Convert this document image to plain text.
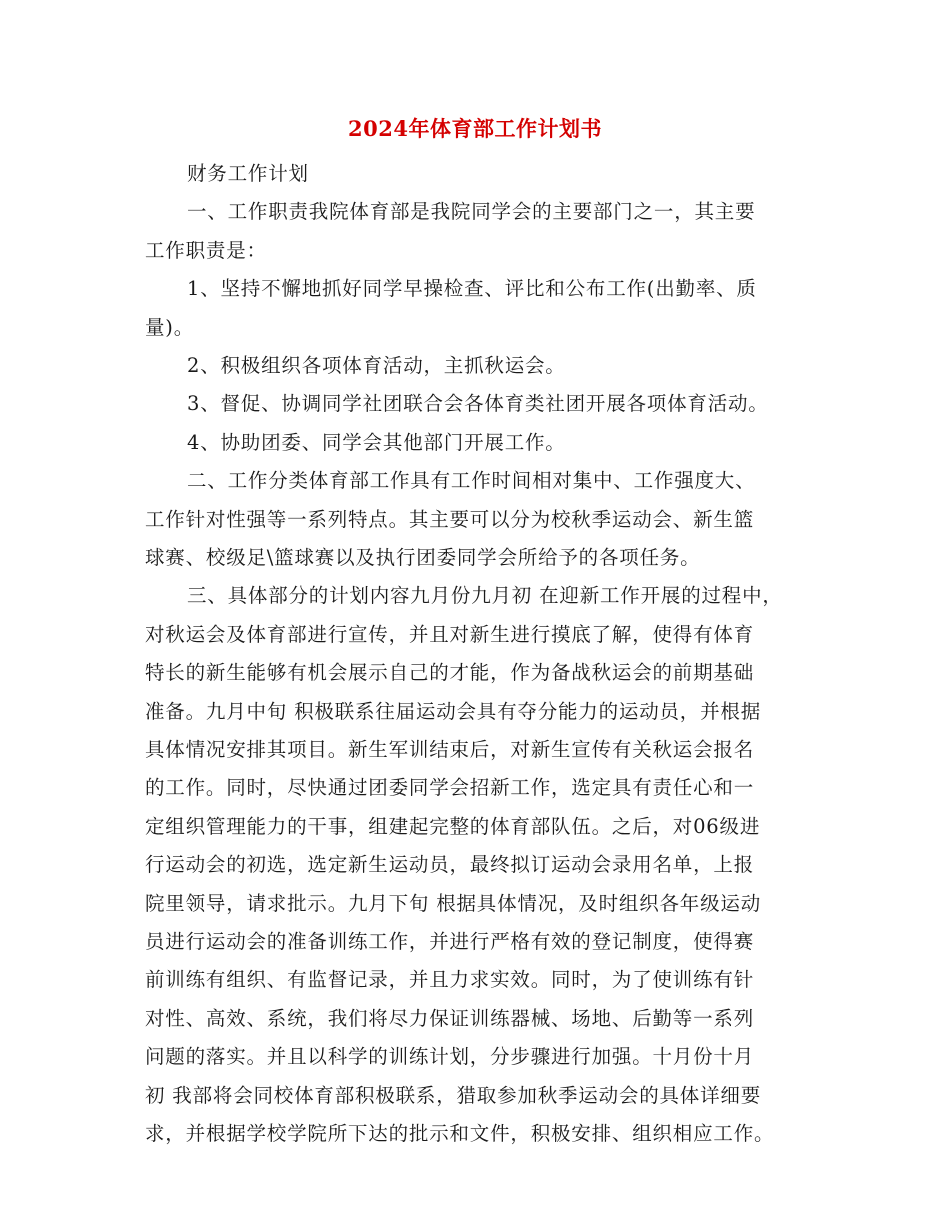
2024年体育部工作计划书
财务工作计划
一、工作职责我院体育部是我院同学会的主要部门之一，其主要
工作职责是：
1、坚持不懈地抓好同学早操检查、评比和公布工作(出勤率、质
量)。
2、积极组织各项体育活动，主抓秋运会。
3、督促、协调同学社团联合会各体育类社团开展各项体育活动。
4、协助团委、同学会其他部门开展工作。
二、工作分类体育部工作具有工作时间相对集中、工作强度大、
工作针对性强等一系列特点。其主要可以分为校秋季运动会、新生篮
球赛、校级足\篮球赛以及执行团委同学会所给予的各项任务。
三、具体部分的计划内容九月份九月初 在迎新工作开展的过程中，
对秋运会及体育部进行宣传，并且对新生进行摸底了解，使得有体育
特长的新生能够有机会展示自己的才能，作为备战秋运会的前期基础
准备。九月中旬 积极联系往届运动会具有夺分能力的运动员，并根据
具体情况安排其项目。新生军训结束后，对新生宣传有关秋运会报名
的工作。同时，尽快通过团委同学会招新工作，选定具有责任心和一
定组织管理能力的干事，组建起完整的体育部队伍。之后，对06级进
行运动会的初选，选定新生运动员，最终拟订运动会录用名单，上报
院里领导，请求批示。九月下旬 根据具体情况，及时组织各年级运动
员进行运动会的准备训练工作，并进行严格有效的登记制度，使得赛
前训练有组织、有监督记录，并且力求实效。同时，为了使训练有针
对性、高效、系统，我们将尽力保证训练器械、场地、后勤等一系列
问题的落实。并且以科学的训练计划，分步骤进行加强。十月份十月
初 我部将会同校体育部积极联系，猎取参加秋季运动会的具体详细要
求，并根据学校学院所下达的批示和文件，积极安排、组织相应工作。
